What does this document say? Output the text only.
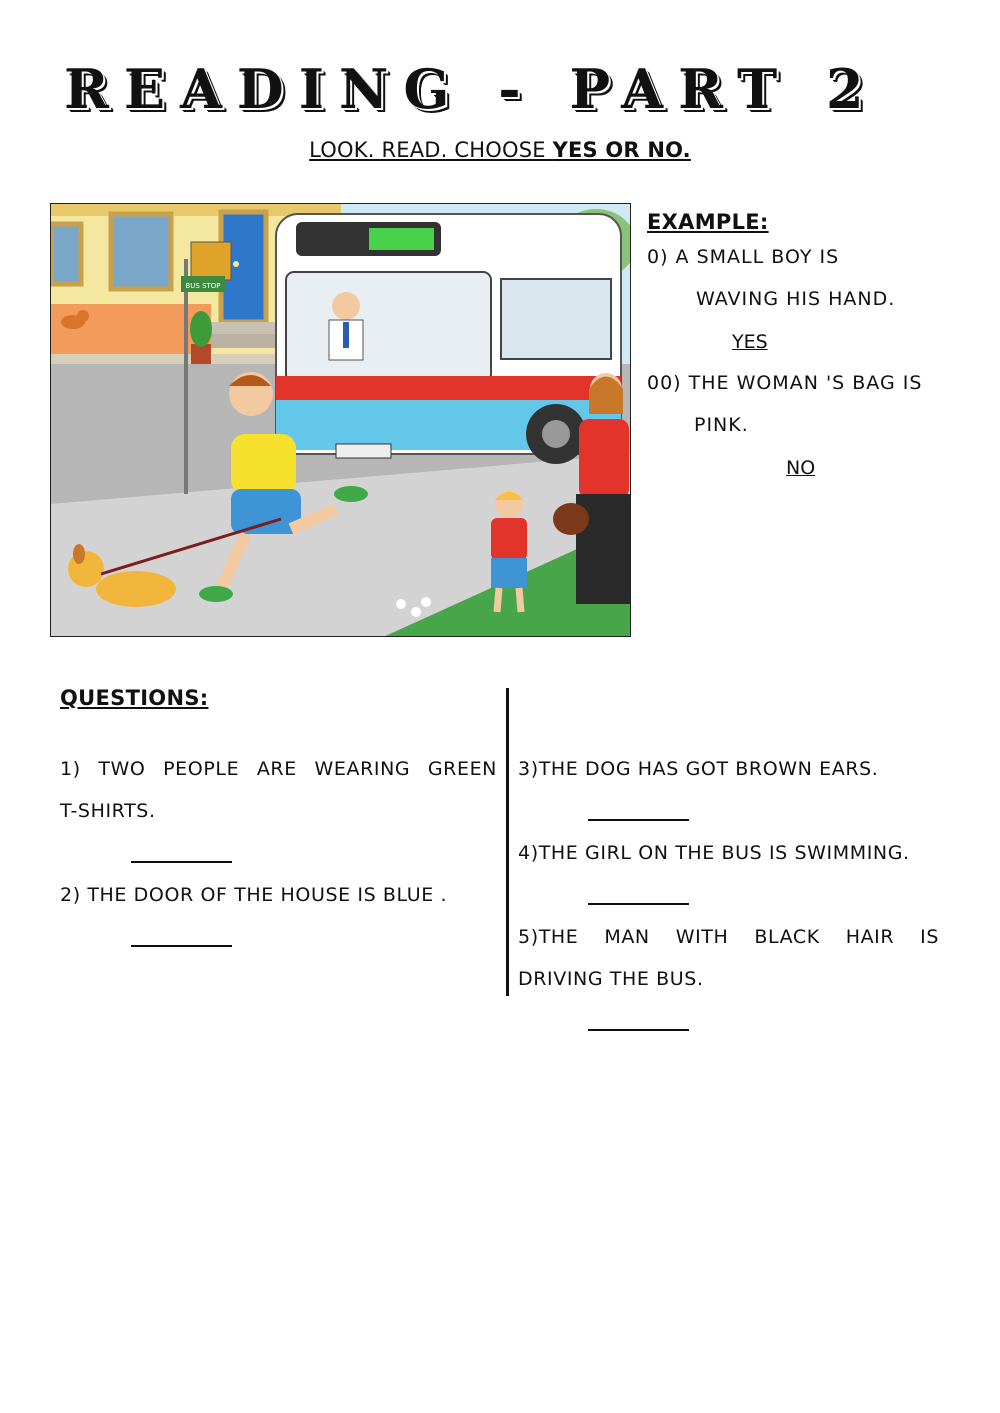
READING - PART 2
LOOK. READ. CHOOSE YES OR NO.
BUS STOP
EXAMPLE:
0) A SMALL BOY IS
WAVING HIS HAND.
YES
00) THE WOMAN 'S BAG IS
PINK.
NO
QUESTIONS:
1) TWO PEOPLE ARE WEARING GREEN
T-SHIRTS.
2) THE DOOR OF THE HOUSE IS BLUE .
3)THE DOG HAS GOT BROWN EARS.
4)THE GIRL ON THE BUS IS SWIMMING.
5)THE MAN WITH BLACK HAIR IS
DRIVING THE BUS.
